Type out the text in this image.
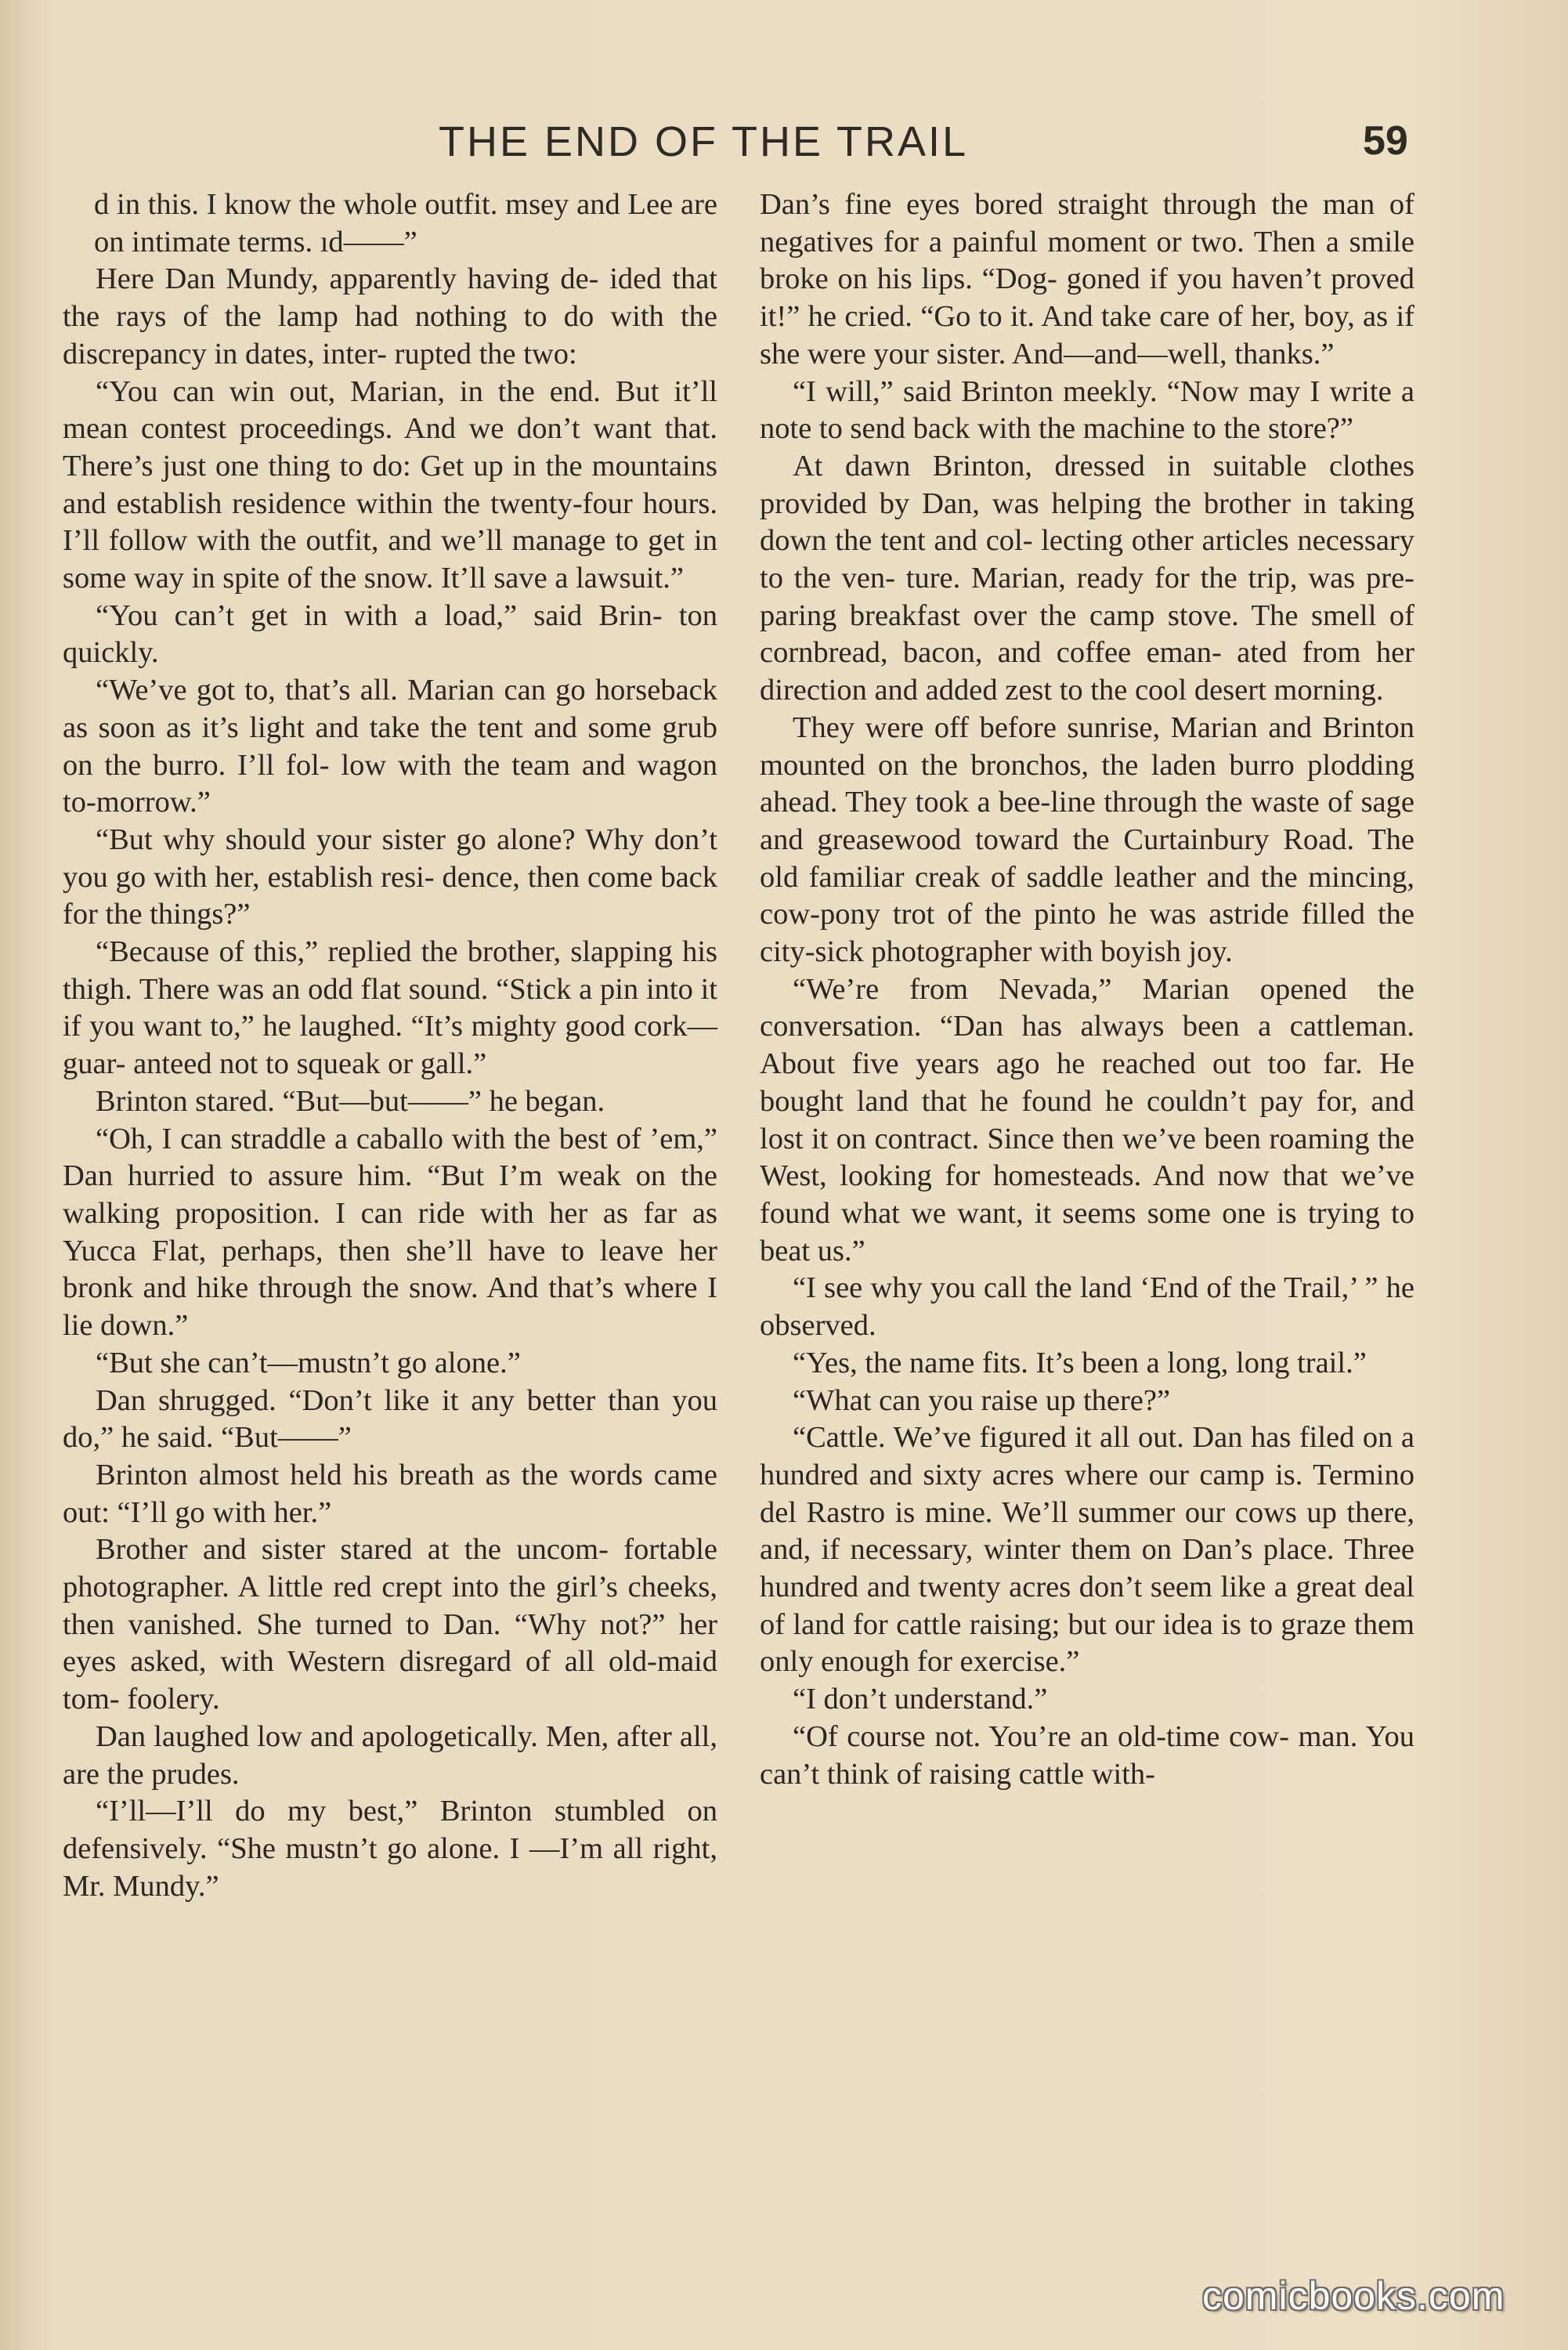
THE END OF THE TRAIL	59

d in this. I know the whole outfit. msey and Lee are on intimate terms. ıd——”

Here Dan Mundy, apparently having de- ided that the rays of the lamp had nothing to do with the discrepancy in dates, inter- rupted the two:

“You can win out, Marian, in the end. But it’ll mean contest proceedings. And we don’t want that. There’s just one thing to do: Get up in the mountains and establish residence within the twenty-four hours. I’ll follow with the outfit, and we’ll manage to get in some way in spite of the snow. It’ll save a lawsuit.”

“You can’t get in with a load,” said Brin- ton quickly.

“We’ve got to, that’s all. Marian can go horseback as soon as it’s light and take the tent and some grub on the burro. I’ll fol- low with the team and wagon to-morrow.”

“But why should your sister go alone? Why don’t you go with her, establish resi- dence, then come back for the things?”

“Because of this,” replied the brother, slapping his thigh. There was an odd flat sound. “Stick a pin into it if you want to,” he laughed. “It’s mighty good cork—guar- anteed not to squeak or gall.”

Brinton stared. “But—but——” he began.

“Oh, I can straddle a caballo with the best of ’em,” Dan hurried to assure him. “But I’m weak on the walking proposition. I can ride with her as far as Yucca Flat, perhaps, then she’ll have to leave her bronk and hike through the snow. And that’s where I lie down.”

“But she can’t—mustn’t go alone.”

Dan shrugged. “Don’t like it any better than you do,” he said. “But——”

Brinton almost held his breath as the words came out: “I’ll go with her.”

Brother and sister stared at the uncom- fortable photographer. A little red crept into the girl’s cheeks, then vanished. She turned to Dan. “Why not?” her eyes asked, with Western disregard of all old-maid tom- foolery.

Dan laughed low and apologetically. Men, after all, are the prudes.

“I’ll—I’ll do my best,” Brinton stumbled on defensively. “She mustn’t go alone. I —I’m all right, Mr. Mundy.”

Dan’s fine eyes bored straight through the man of negatives for a painful moment or two. Then a smile broke on his lips. “Dog- goned if you haven’t proved it!” he cried. “Go to it. And take care of her, boy, as if she were your sister. And—and—well, thanks.”

“I will,” said Brinton meekly. “Now may I write a note to send back with the machine to the store?”

At dawn Brinton, dressed in suitable clothes provided by Dan, was helping the brother in taking down the tent and col- lecting other articles necessary to the ven- ture. Marian, ready for the trip, was pre- paring breakfast over the camp stove. The smell of cornbread, bacon, and coffee eman- ated from her direction and added zest to the cool desert morning.

They were off before sunrise, Marian and Brinton mounted on the bronchos, the laden burro plodding ahead. They took a bee-line through the waste of sage and greasewood toward the Curtainbury Road. The old familiar creak of saddle leather and the mincing, cow-pony trot of the pinto he was astride filled the city-sick photographer with boyish joy.

“We’re from Nevada,” Marian opened the conversation. “Dan has always been a cattleman. About five years ago he reached out too far. He bought land that he found he couldn’t pay for, and lost it on contract. Since then we’ve been roaming the West, looking for homesteads. And now that we’ve found what we want, it seems some one is trying to beat us.”

“I see why you call the land ‘End of the Trail,’ ” he observed.

“Yes, the name fits. It’s been a long, long trail.”

“What can you raise up there?”

“Cattle. We’ve figured it all out. Dan has filed on a hundred and sixty acres where our camp is. Termino del Rastro is mine. We’ll summer our cows up there, and, if necessary, winter them on Dan’s place. Three hundred and twenty acres don’t seem like a great deal of land for cattle raising; but our idea is to graze them only enough for exercise.”

“I don’t understand.”

“Of course not. You’re an old-time cow- man. You can’t think of raising cattle with-

comicbooks.com
